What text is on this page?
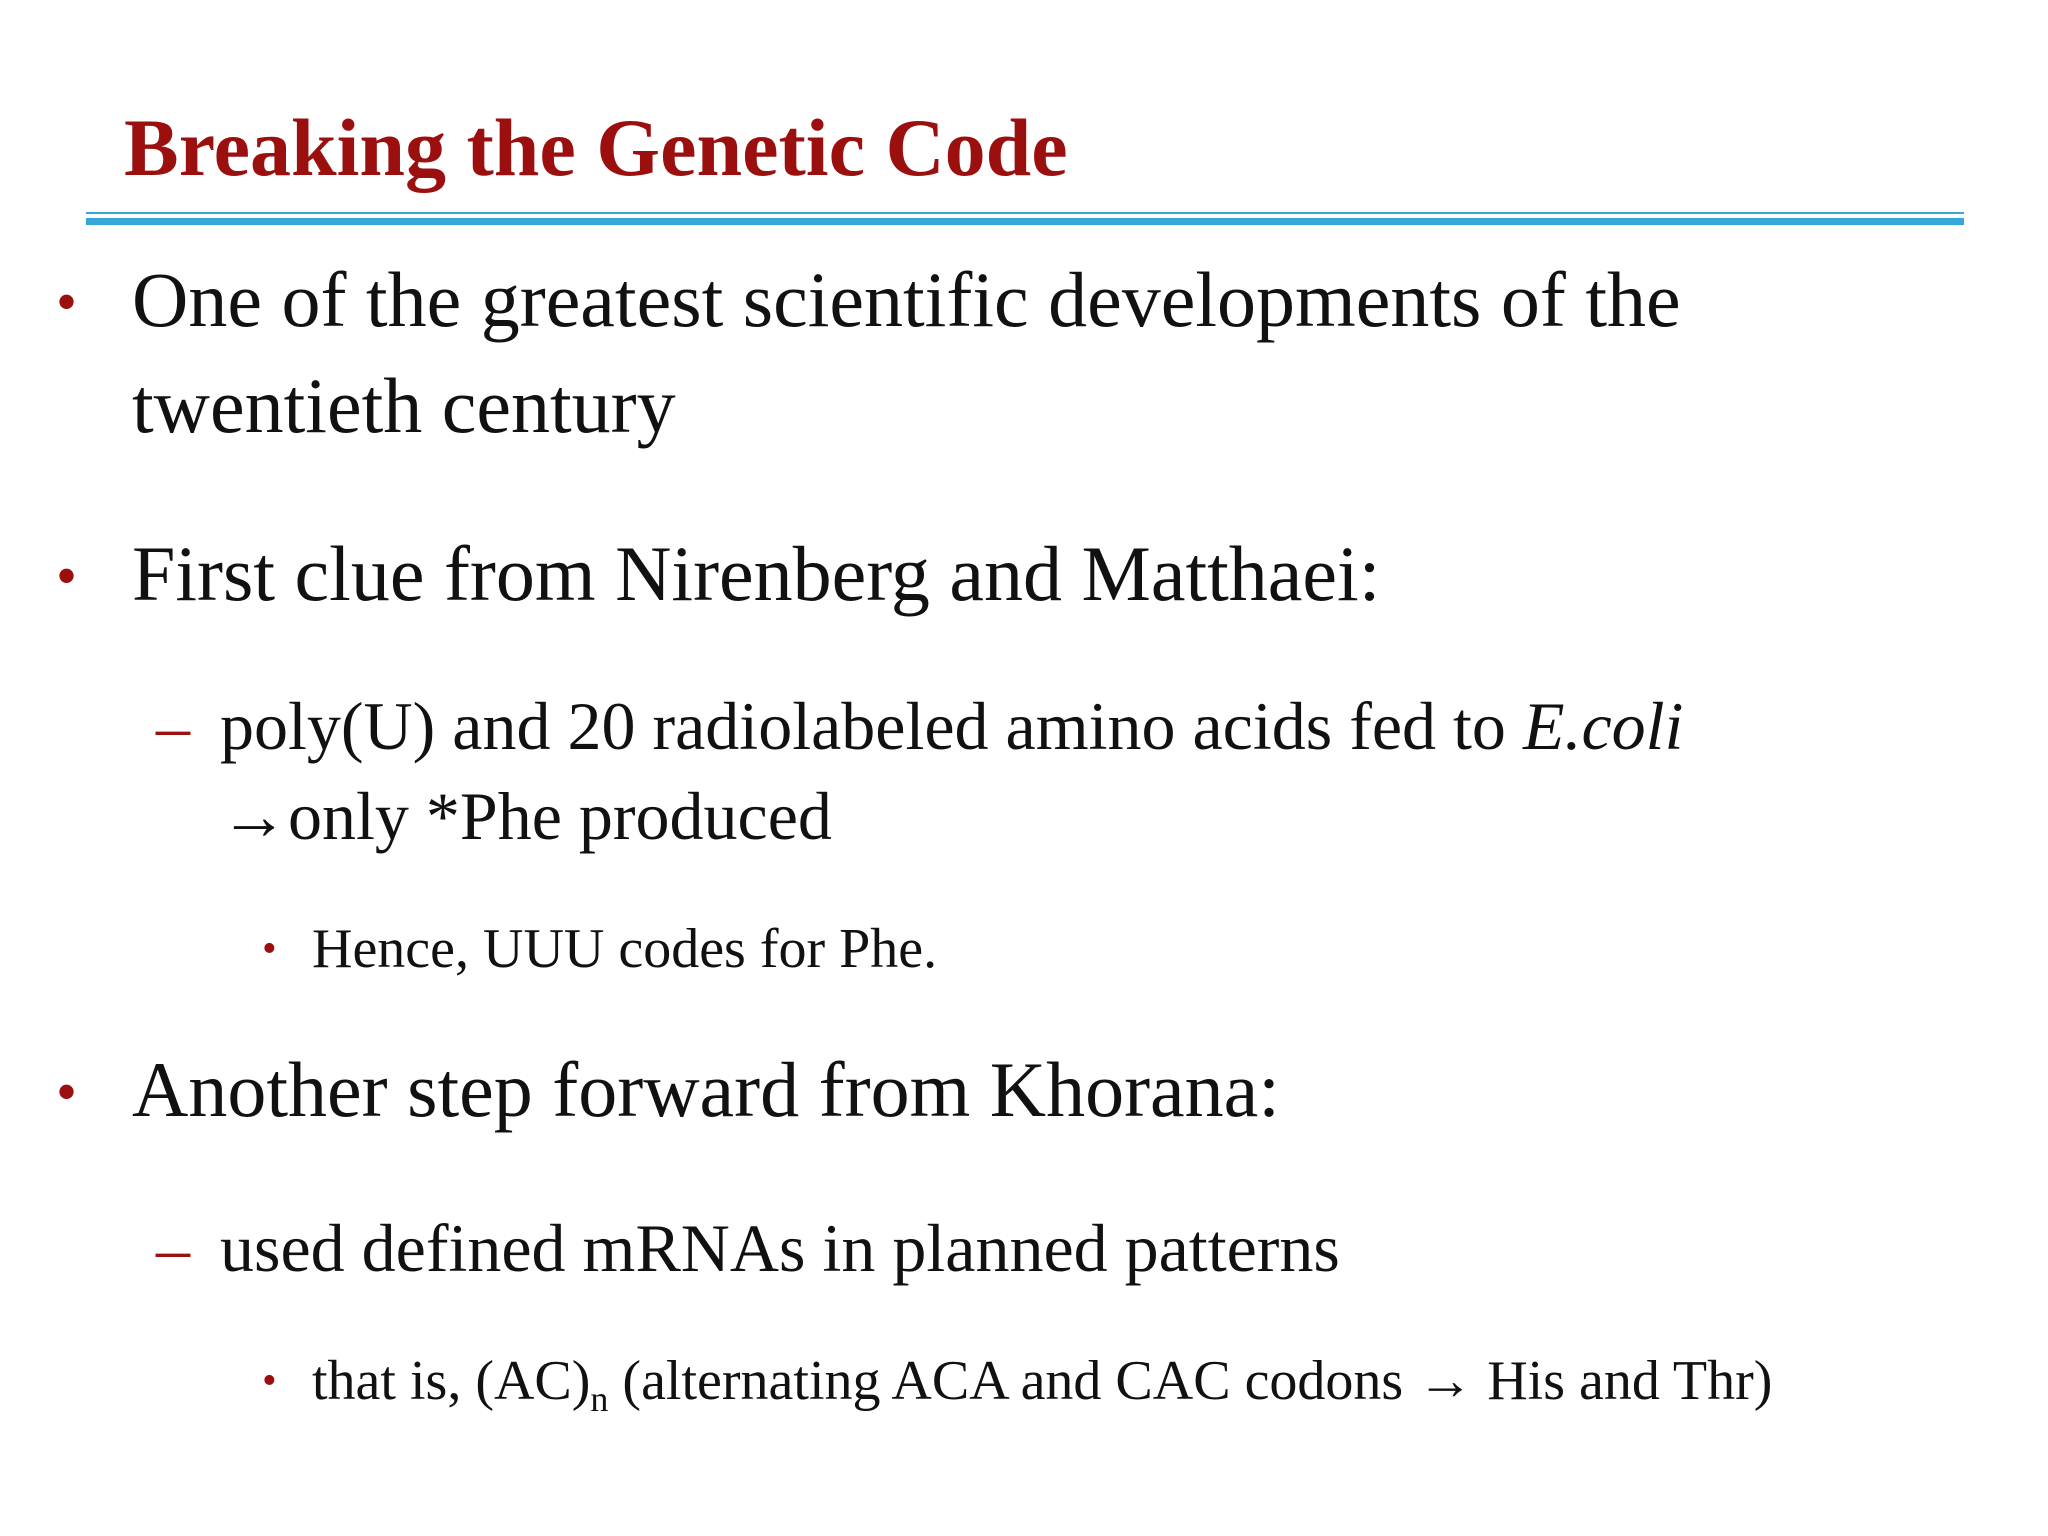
Breaking the Genetic Code
• One of the greatest scientific developments of the
twentieth century
• First clue from Nirenberg and Matthaei:
– poly(U) and 20 radiolabeled amino acids fed to E.coli
→only *Phe produced
• Hence, UUU codes for Phe.
• Another step forward from Khorana:
– used defined mRNAs in planned patterns
• that is, $(AC)_n$ (alternating ACA and CAC codons → His and Thr)
